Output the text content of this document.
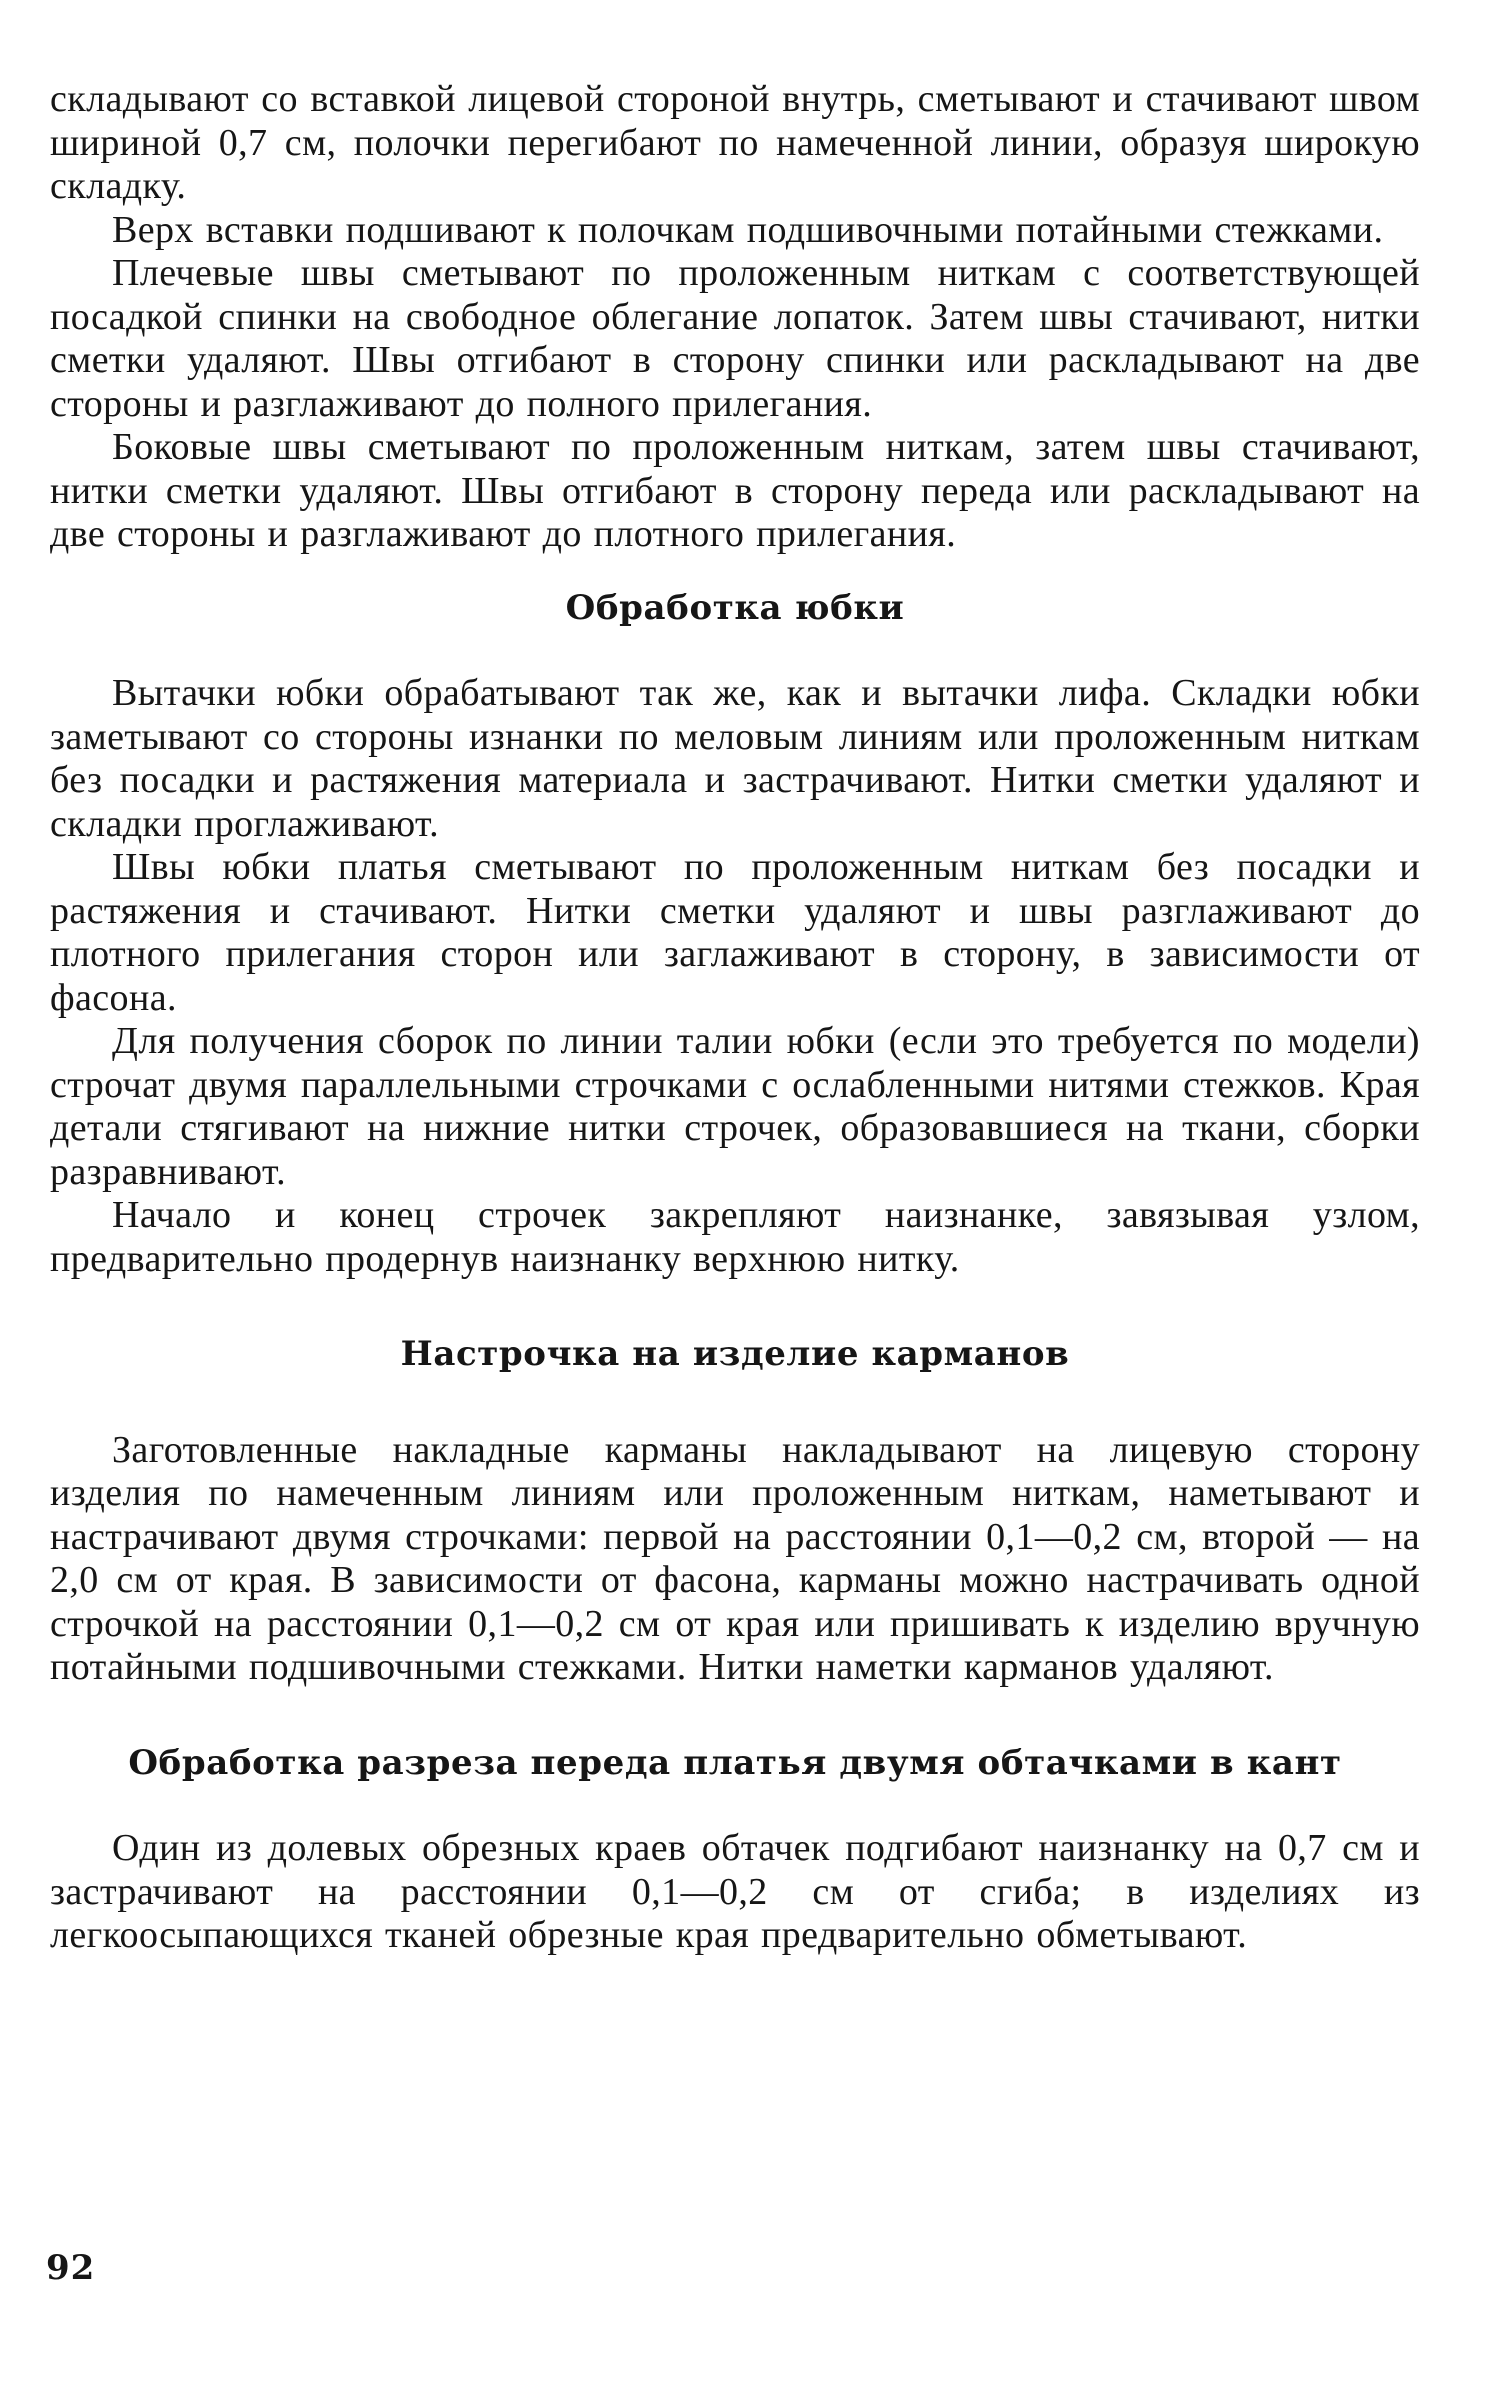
складывают со вставкой лицевой стороной внутрь, сметывают и стачивают швом шириной 0,7 см, полочки перегибают по намеченной линии, образуя широкую складку.

Верх вставки подшивают к полочкам подшивочными потайными стежками.

Плечевые швы сметывают по проложенным ниткам с соответствующей посадкой спинки на свободное облегание лопаток. Затем швы стачивают, нитки сметки удаляют. Швы отгибают в сторону спинки или раскладывают на две стороны и разглаживают до полного прилегания.

Боковые швы сметывают по проложенным ниткам, затем швы стачивают, нитки сметки удаляют. Швы отгибают в сторону переда или раскладывают на две стороны и разглаживают до плотного прилегания.

Обработка юбки

Вытачки юбки обрабатывают так же, как и вытачки лифа. Складки юбки заметывают со стороны изнанки по меловым линиям или проложенным ниткам без посадки и растяжения материала и застрачивают. Нитки сметки удаляют и складки проглаживают.

Швы юбки платья сметывают по проложенным ниткам без посадки и растяжения и стачивают. Нитки сметки удаляют и швы разглаживают до плотного прилегания сторон или заглаживают в сторону, в зависимости от фасона.

Для получения сборок по линии талии юбки (если это требуется по модели) строчат двумя параллельными строчками с ослабленными нитями стежков. Края детали стягивают на нижние нитки строчек, образовавшиеся на ткани, сборки разравнивают.

Начало и конец строчек закрепляют наизнанке, завязывая узлом, предварительно продернув наизнанку верхнюю нитку.

Настрочка на изделие карманов

Заготовленные накладные карманы накладывают на лицевую сторону изделия по намеченным линиям или проложенным ниткам, наметывают и настрачивают двумя строчками: первой на расстоянии 0,1—0,2 см, второй — на 2,0 см от края. В зависимости от фасона, карманы можно настрачивать одной строчкой на расстоянии 0,1—0,2 см от края или пришивать к изделию вручную потайными подшивочными стежками. Нитки наметки карманов удаляют.

Обработка разреза переда платья двумя обтачками в кант

Один из долевых обрезных краев обтачек подгибают наизнанку на 0,7 см и застрачивают на расстоянии 0,1—0,2 см от сгиба; в изделиях из легкоосыпающихся тканей обрезные края предварительно обметывают.

92
